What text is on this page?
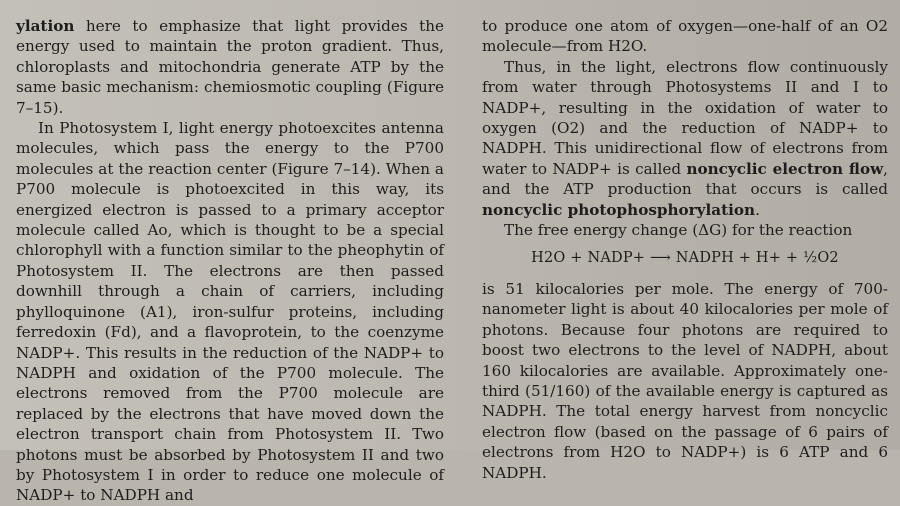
ylation here to emphasize that light provides the energy used to maintain the proton gradient. Thus, chloroplasts and mitochondria generate ATP by the same basic mechanism: chemiosmotic coupling (Figure 7–15).

In Photosystem I, light energy photoexcites antenna molecules, which pass the energy to the P700 molecules at the reaction center (Figure 7–14). When a P700 molecule is photoexcited in this way, its energized electron is passed to a primary acceptor molecule called Ao, which is thought to be a special chlorophyll with a function similar to the pheophytin of Photosystem II. The electrons are then passed downhill through a chain of carriers, including phylloquinone (A1), iron-sulfur proteins, including ferredoxin (Fd), and a flavoprotein, to the coenzyme NADP+. This results in the reduction of the NADP+ to NADPH and oxidation of the P700 molecule. The electrons removed from the P700 molecule are replaced by the electrons that have moved down the electron transport chain from Photosystem II. Two photons must be absorbed by Photosystem II and two by Photosystem I in order to reduce one molecule of NADP+ to NADPH and

to produce one atom of oxygen—one-half of an O2 molecule—from H2O.

Thus, in the light, electrons flow continuously from water through Photosystems II and I to NADP+, resulting in the oxidation of water to oxygen (O2) and the reduction of NADP+ to NADPH. This unidirectional flow of electrons from water to NADP+ is called noncyclic electron flow, and the ATP production that occurs is called noncyclic photophosphorylation.

The free energy change (ΔG) for the reaction

H2O + NADP+ ⟶ NADPH + H+ + ½O2

is 51 kilocalories per mole. The energy of 700-nanometer light is about 40 kilocalories per mole of photons. Because four photons are required to boost two electrons to the level of NADPH, about 160 kilocalories are available. Approximately one-third (51/160) of the available energy is captured as NADPH. The total energy harvest from noncyclic electron flow (based on the passage of 6 pairs of electrons from H2O to NADP+) is 6 ATP and 6 NADPH.
